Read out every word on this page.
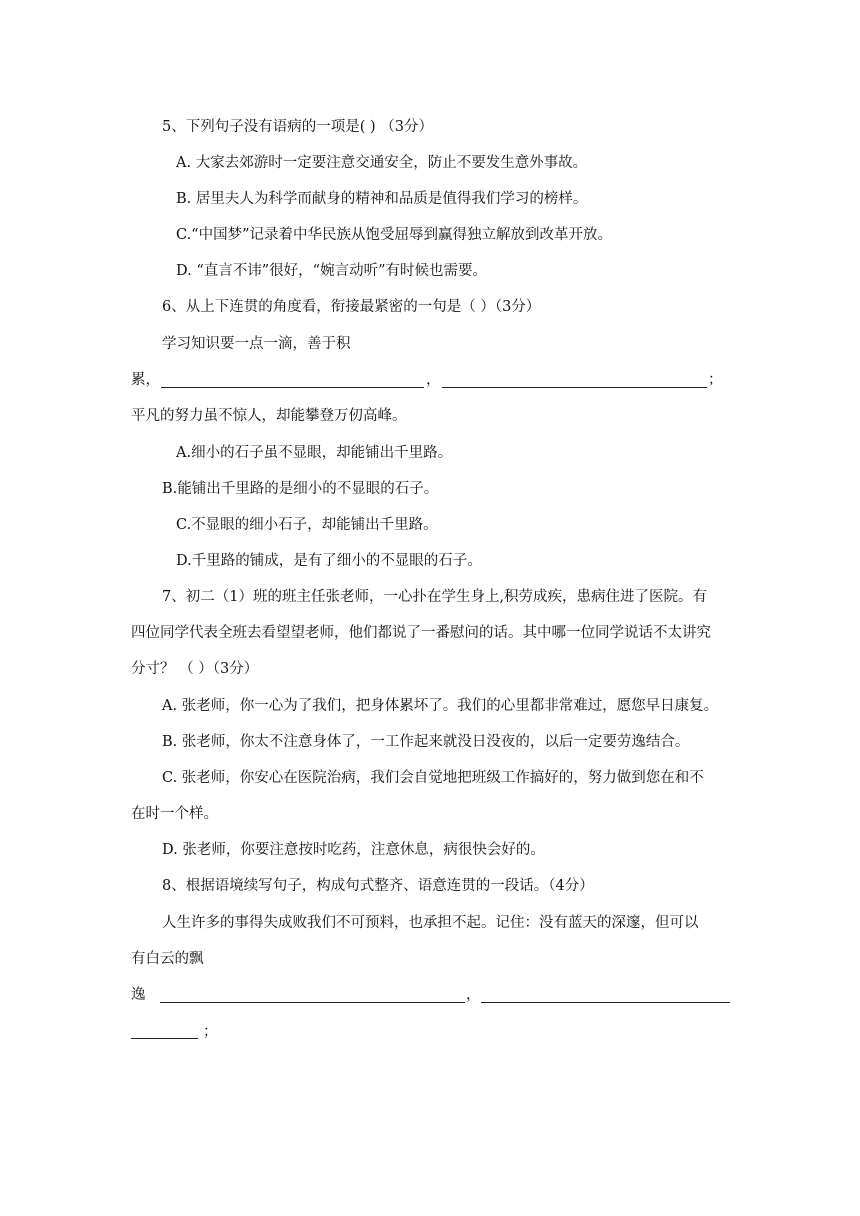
5、下列句子没有语病的一项是( ) （3分）
A. 大家去郊游时一定要注意交通安全，防止不要发生意外事故。
B. 居里夫人为科学而献身的精神和品质是值得我们学习的榜样。
C.“中国梦”记录着中华民族从饱受屈辱到赢得独立解放到改革开放。
D. “直言不讳”很好，“婉言动听”有时候也需要。
6、从上下连贯的角度看，衔接最紧密的一句是（ ）（3分）
学习知识要一点一滴，善于积
累，	，	；
平凡的努力虽不惊人，却能攀登万仞高峰。
A.细小的石子虽不显眼，却能铺出千里路。
B.能铺出千里路的是细小的不显眼的石子。
C.不显眼的细小石子，却能铺出千里路。
D.千里路的铺成，是有了细小的不显眼的石子。
7、初二（1）班的班主任张老师，一心扑在学生身上,积劳成疾，患病住进了医院。有
四位同学代表全班去看望望老师，他们都说了一番慰问的话。其中哪一位同学说话不太讲究
分寸？ （ ）（3分）
A. 张老师，你一心为了我们，把身体累坏了。我们的心里都非常难过，愿您早日康复。
B. 张老师，你太不注意身体了，一工作起来就没日没夜的，以后一定要劳逸结合。
C. 张老师，你安心在医院治病，我们会自觉地把班级工作搞好的，努力做到您在和不
在时一个样。
D. 张老师，你要注意按时吃药，注意休息，病很快会好的。
8、根据语境续写句子，构成句式整齐、语意连贯的一段话。（4分）
人生许多的事得失成败我们不可预料，也承担不起。记住：没有蓝天的深邃，但可以
有白云的飘
逸	，
；
